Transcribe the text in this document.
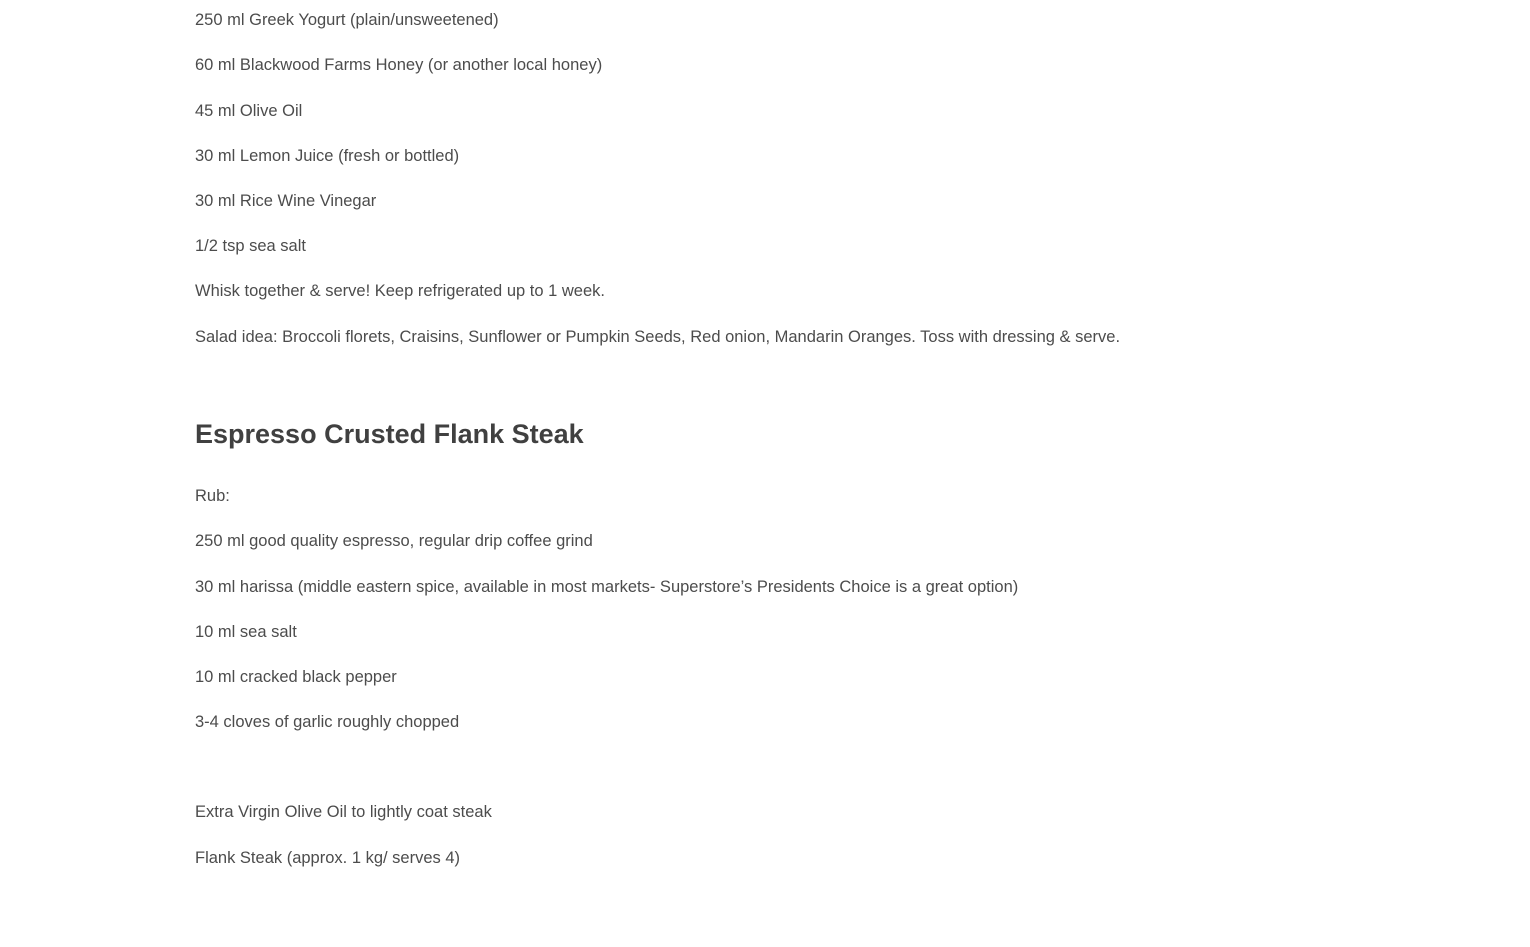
250 ml Greek Yogurt (plain/unsweetened)
60 ml Blackwood Farms Honey (or another local honey)
45 ml Olive Oil
30 ml Lemon Juice (fresh or bottled)
30 ml Rice Wine Vinegar
1/2 tsp sea salt
Whisk together & serve! Keep refrigerated up to 1 week.
Salad idea: Broccoli florets, Craisins, Sunflower or Pumpkin Seeds, Red onion, Mandarin Oranges. Toss with dressing & serve.
Espresso Crusted Flank Steak
Rub:
250 ml good quality espresso, regular drip coffee grind
30 ml harissa (middle eastern spice, available in most markets- Superstore’s Presidents Choice is a great option)
10 ml sea salt
10 ml cracked black pepper
3-4 cloves of garlic roughly chopped
Extra Virgin Olive Oil to lightly coat steak
Flank Steak (approx. 1 kg/ serves 4)
